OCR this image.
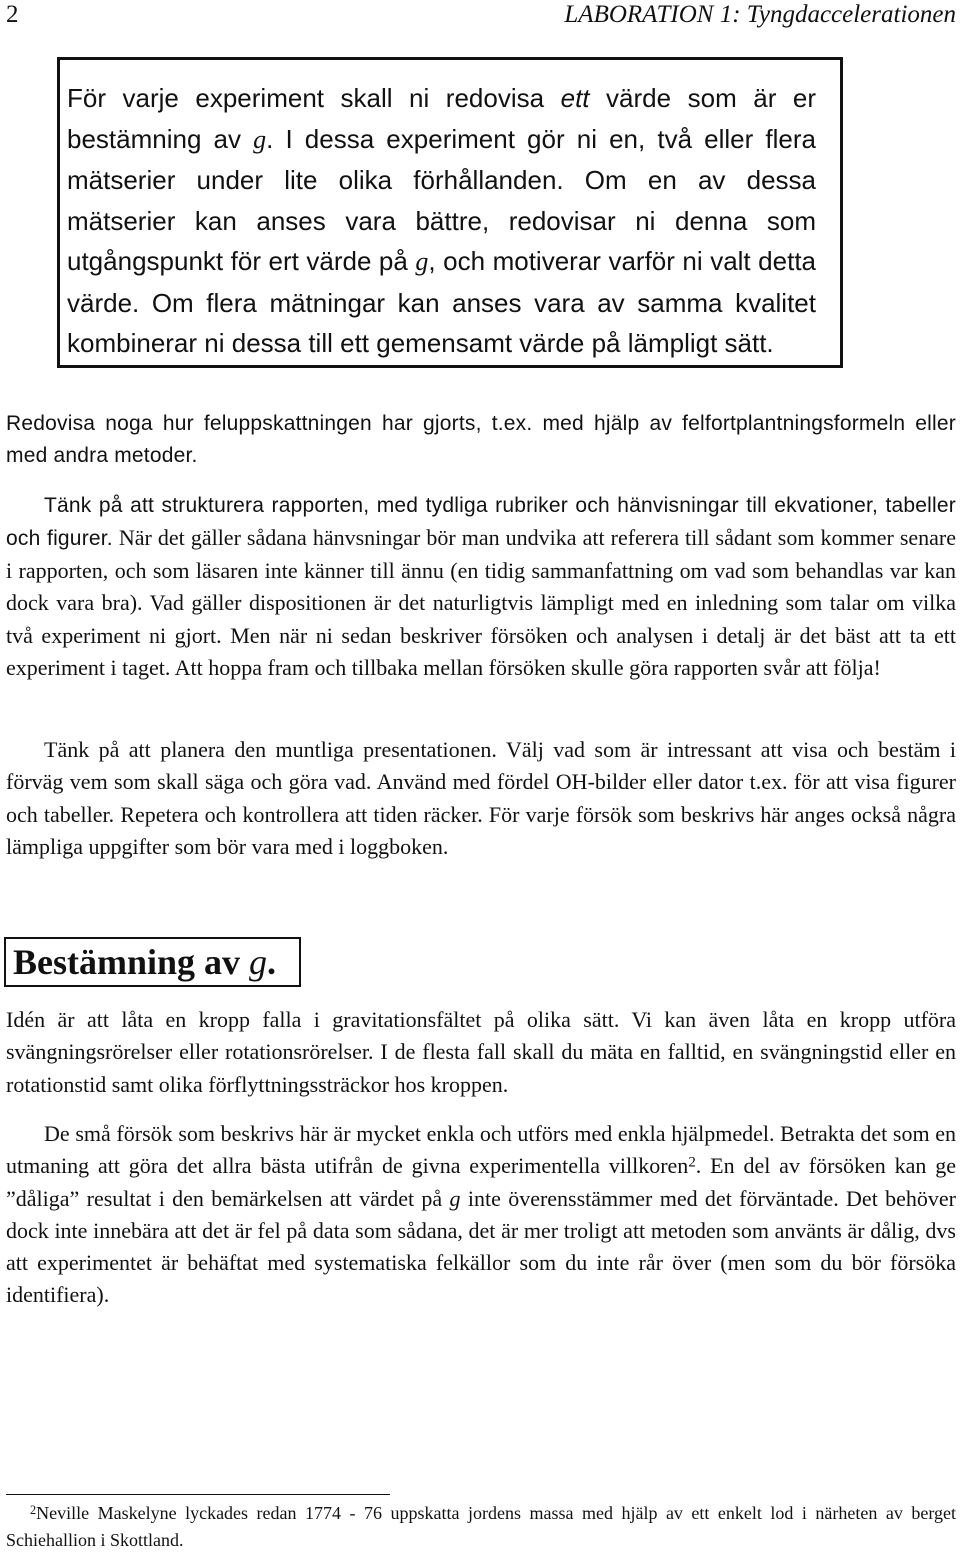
2	LABORATION 1: Tyngdaccelerationen

För varje experiment skall ni redovisa ett värde som är er bestämning av g. I dessa experiment gör ni en, två eller flera mätserier under lite olika förhållanden. Om en av dessa mätserier kan anses vara bättre, redovisar ni denna som utgångspunkt för ert värde på g, och motiverar varför ni valt detta värde. Om flera mätningar kan anses vara av samma kvalitet kombinerar ni dessa till ett gemensamt värde på lämpligt sätt.

Redovisa noga hur feluppskattningen har gjorts, t.ex. med hjälp av felfortplantningsformeln eller med andra metoder.

Tänk på att strukturera rapporten, med tydliga rubriker och hänvisningar till ekvationer, tabeller och figurer. När det gäller sådana hänvsningar bör man undvika att referera till sådant som kommer senare i rapporten, och som läsaren inte känner till ännu (en tidig sammanfattning om vad som behandlas var kan dock vara bra). Vad gäller dispositionen är det naturligtvis lämpligt med en inledning som talar om vilka två experiment ni gjort. Men när ni sedan beskriver försöken och analysen i detalj är det bäst att ta ett experiment i taget. Att hoppa fram och tillbaka mellan försöken skulle göra rapporten svår att följa!

Tänk på att planera den muntliga presentationen. Välj vad som är intressant att visa och bestäm i förväg vem som skall säga och göra vad. Använd med fördel OH-bilder eller dator t.ex. för att visa figurer och tabeller. Repetera och kontrollera att tiden räcker. För varje försök som beskrivs här anges också några lämpliga uppgifter som bör vara med i loggboken.

Bestämning av g.

Idén är att låta en kropp falla i gravitationsfältet på olika sätt. Vi kan även låta en kropp utföra svängningsrörelser eller rotationsrörelser. I de flesta fall skall du mäta en falltid, en svängningstid eller en rotationstid samt olika förflyttningssträckor hos kroppen.

De små försök som beskrivs här är mycket enkla och utförs med enkla hjälpmedel. Betrakta det som en utmaning att göra det allra bästa utifrån de givna experimentella villkoren$^2$. En del av försöken kan ge ”dåliga” resultat i den bemärkelsen att värdet på g inte överensstämmer med det förväntade. Det behöver dock inte innebära att det är fel på data som sådana, det är mer troligt att metoden som använts är dålig, dvs att experimentet är behäftat med systematiska felkällor som du inte rår över (men som du bör försöka identifiera).

$^2$Neville Maskelyne lyckades redan 1774 - 76 uppskatta jordens massa med hjälp av ett enkelt lod i närheten av berget Schiehallion i Skottland.
